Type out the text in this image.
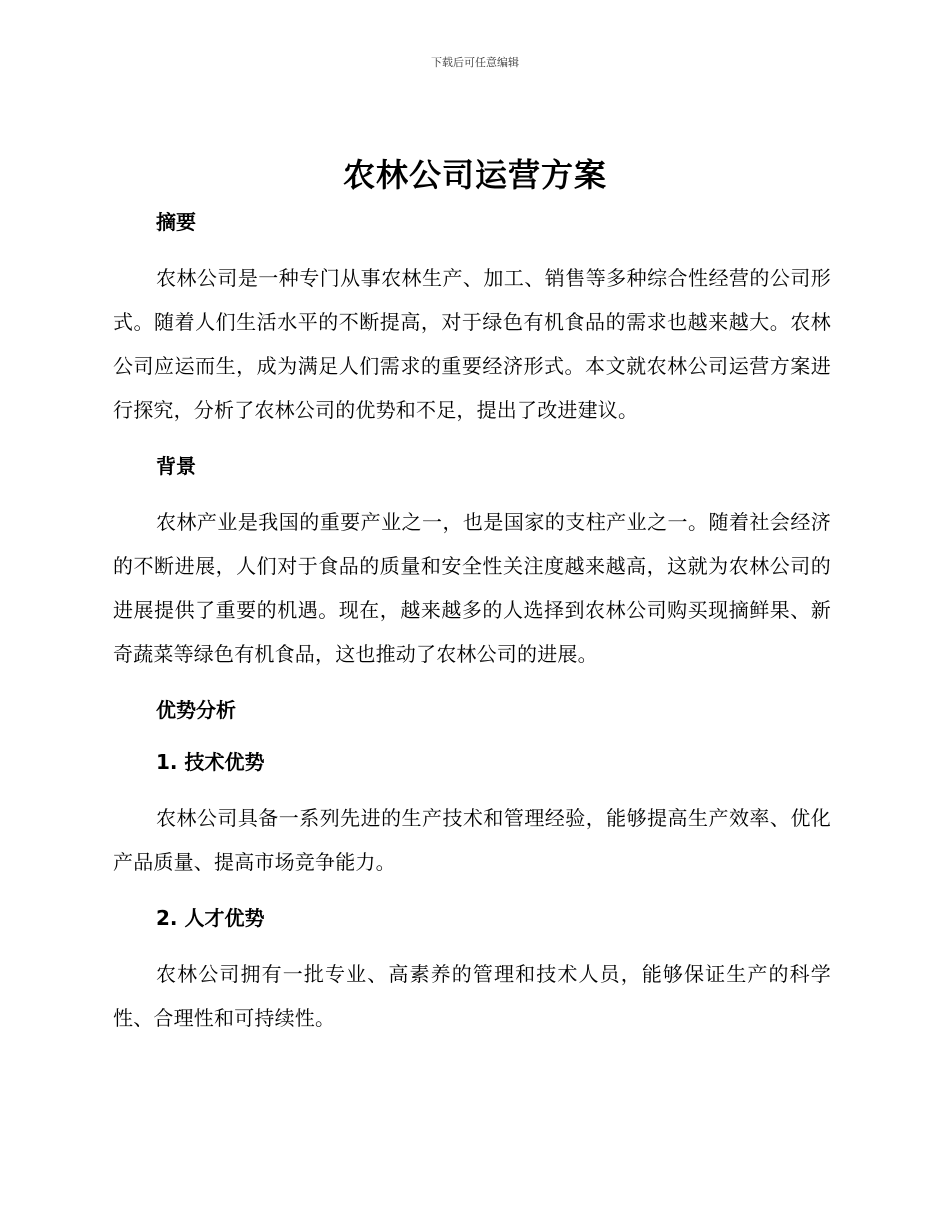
下载后可任意编辑
农林公司运营方案

摘要

农林公司是一种专门从事农林生产、加工、销售等多种综合性经营的公司形式。随着人们生活水平的不断提高，对于绿色有机食品的需求也越来越大。农林公司应运而生，成为满足人们需求的重要经济形式。本文就农林公司运营方案进行探究，分析了农林公司的优势和不足，提出了改进建议。

背景

农林产业是我国的重要产业之一，也是国家的支柱产业之一。随着社会经济的不断进展，人们对于食品的质量和安全性关注度越来越高，这就为农林公司的进展提供了重要的机遇。现在，越来越多的人选择到农林公司购买现摘鲜果、新奇蔬菜等绿色有机食品，这也推动了农林公司的进展。

优势分析

1. 技术优势

农林公司具备一系列先进的生产技术和管理经验，能够提高生产效率、优化产品质量、提高市场竞争能力。

2. 人才优势

农林公司拥有一批专业、高素养的管理和技术人员，能够保证生产的科学性、合理性和可持续性。
